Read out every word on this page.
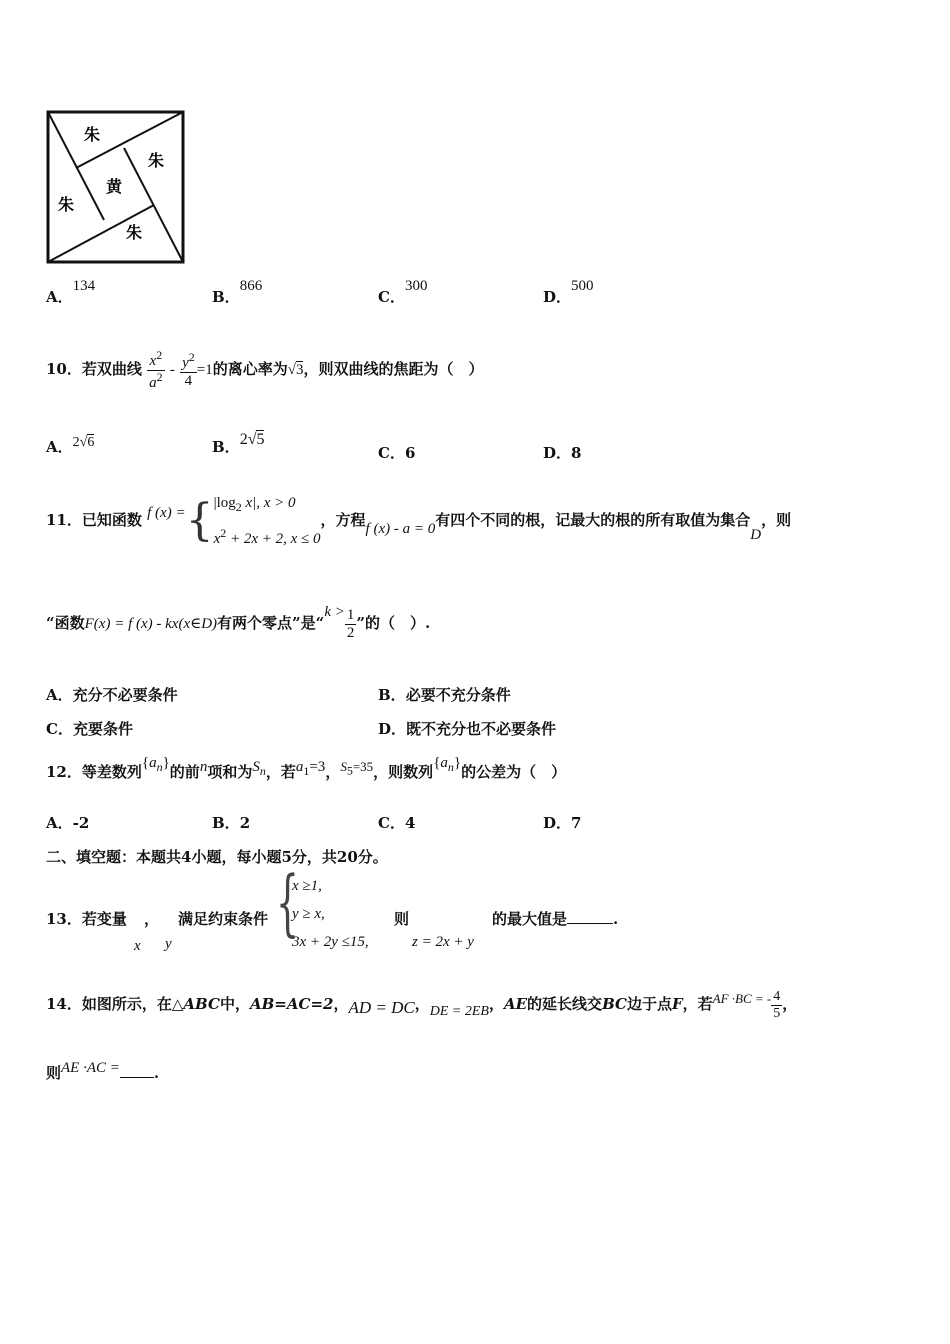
朱
朱
黄
朱
朱
A．134
B．866
C．300
D．500
10．若双曲线 $\frac{x^2}{a^2} - \frac{y^2}{4} =1$的离心率为√3，则双曲线的焦距为（　）
A．2√6	B．2√5
C．6	D．8
11．已知函数 f (x) ={ $|\log_2$ x|, x > 0
$x^2 + 2x + 2$, x ≤ 0
，方程f (x) - a = 0有四个不同的根，记最大的根的所有取值为集合D，则
“函数F(x) = f (x) - kx(x∈D)有两个零点”是“$k > \frac{1}{2}$ ”的（　）.
A．充分不必要条件	B．必要不充分条件
C．充要条件	D．既不充分也不必要条件
12．等差数列$\{a_n\}$的前n项和为$S_n$，若$a_1=3$，$S_5=35$，则数列$\{a_n\}$的公差为（　）
A．-2	B．2	C．4	D．7
二、填空题：本题共4小题，每小题5分，共20分。
13．若变量 ， 满足约束条件
x y {
x ≥1,
y ≥ x,
3x + 2y ≤15,
则
z = 2x + y
的最大值是	.
14．如图所示，在△ABC中，AB=AC=2，AD = DC，DE = 2EB，AE的延长线交BC边于点F，若AF ·BC = - $\frac{4}{5}$ ，
则AE ·AC = .
